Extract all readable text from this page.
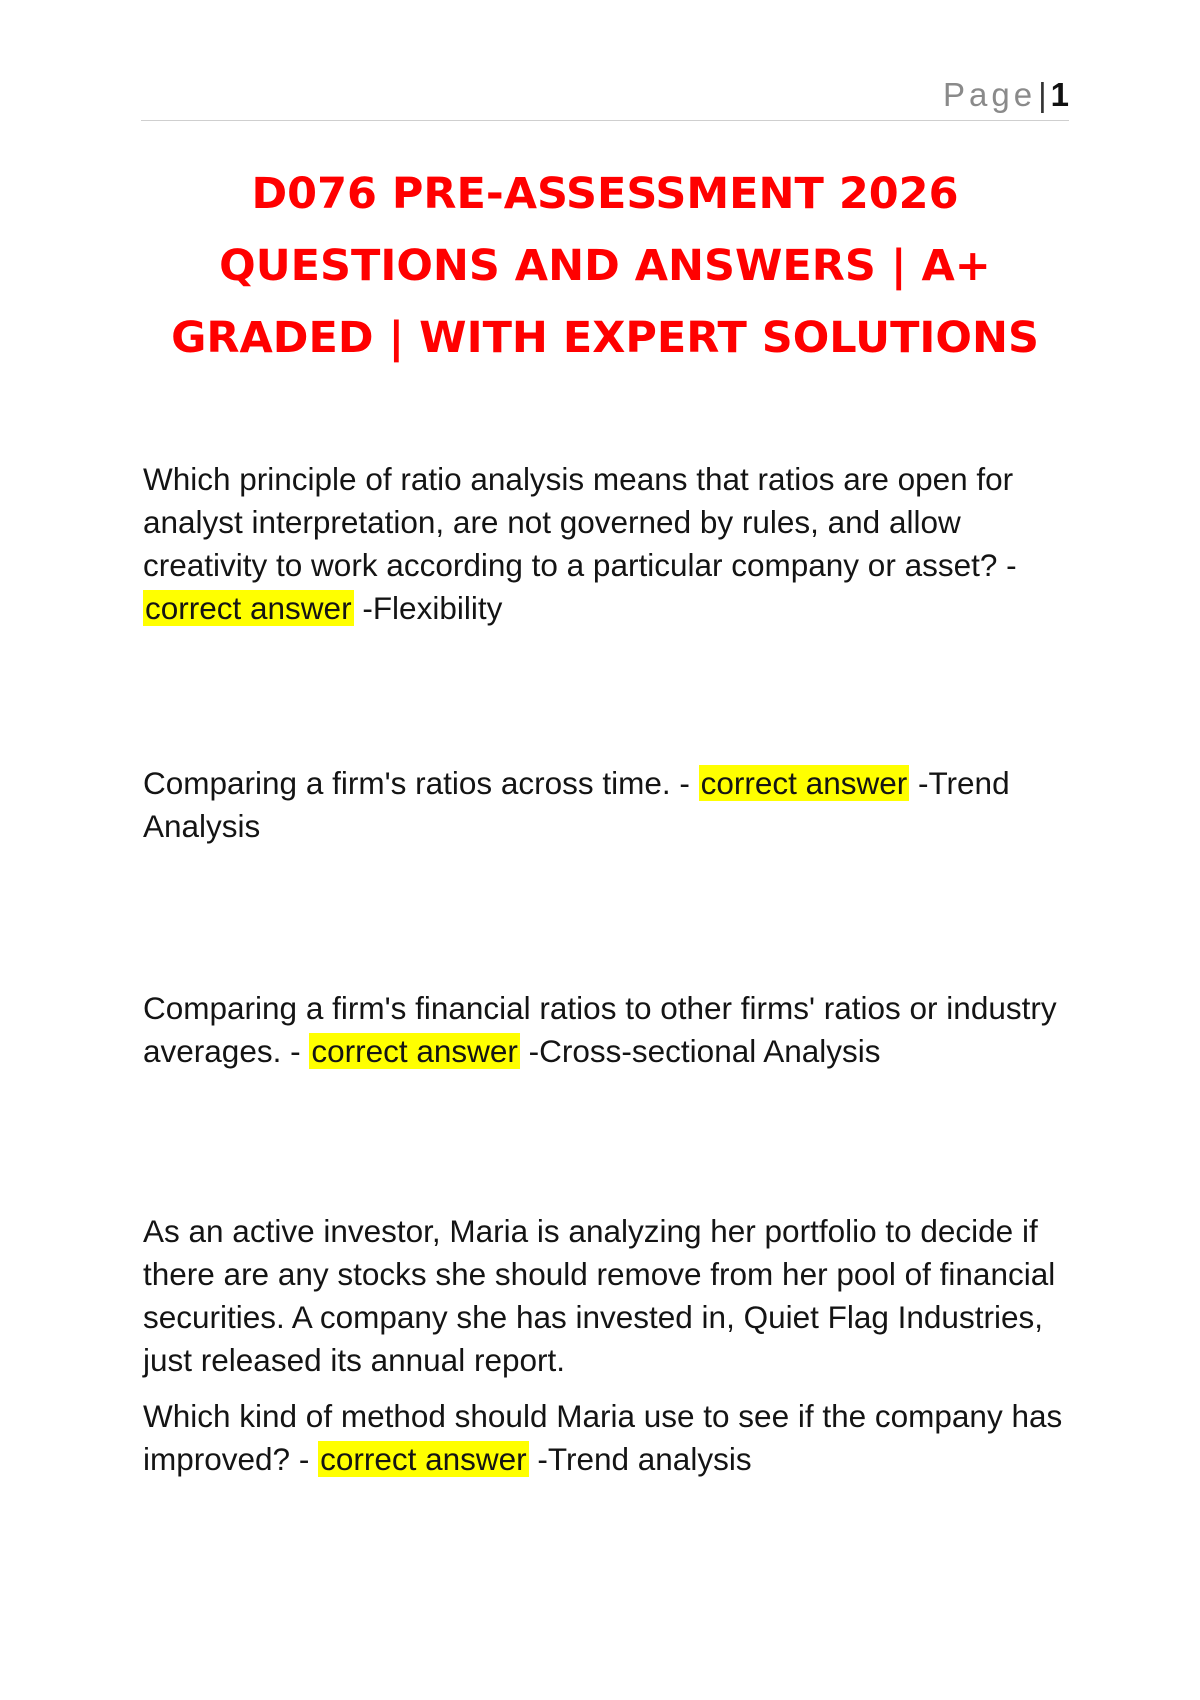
Page| 1
D076 PRE-ASSESSMENT 2026
QUESTIONS AND ANSWERS | A+
GRADED | WITH EXPERT SOLUTIONS

Which principle of ratio analysis means that ratios are open for analyst interpretation, are not governed by rules, and allow creativity to work according to a particular company or asset? - correct answer -Flexibility

Comparing a firm's ratios across time. - correct answer -Trend Analysis

Comparing a firm's financial ratios to other firms' ratios or industry averages. - correct answer -Cross-sectional Analysis

As an active investor, Maria is analyzing her portfolio to decide if there are any stocks she should remove from her pool of financial securities. A company she has invested in, Quiet Flag Industries, just released its annual report.

Which kind of method should Maria use to see if the company has improved? - correct answer -Trend analysis
